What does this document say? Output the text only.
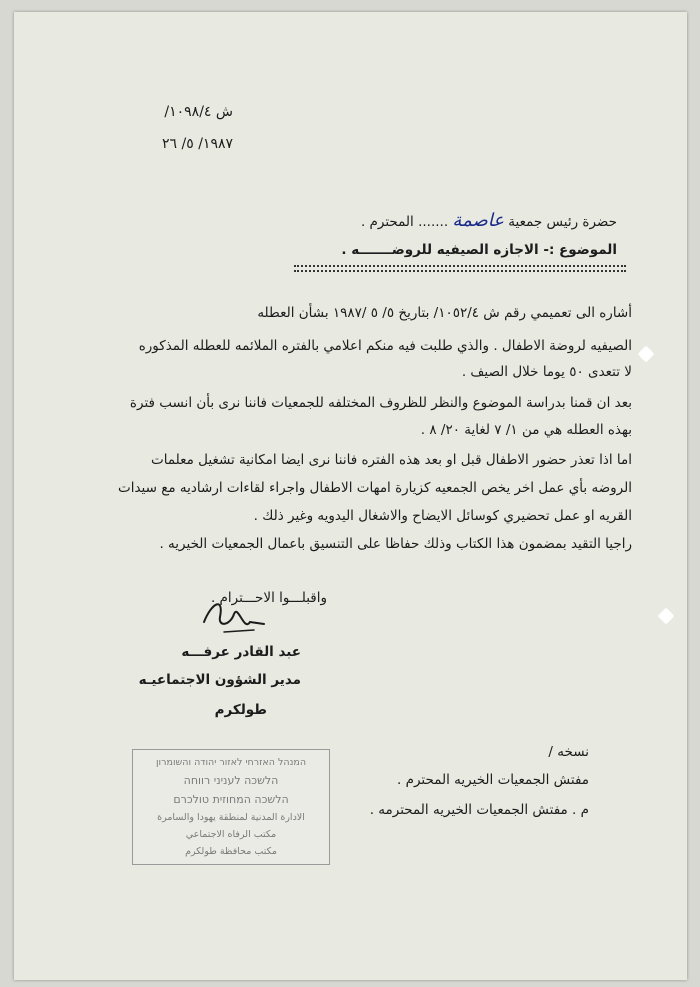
ش ١٠٩٨/٤/
١٩٨٧/ ٥/ ٢٦
حضرة رئيس جمعية عاصمة ....... المحترم .
الموضوع :- الاجازه الصيفيه للروضـــــــه .
أشاره الى تعميمي رقم ش ١٠٥٢/٤/ بتاريخ ٥/ ٥ /١٩٨٧ بشأن العطله
الصيفيه لروضة الاطفال . والذي طلبت فيه منكم اعلامي بالفتره الملائمه للعطله المذكوره
لا تتعدى ٥٠ يوما خلال الصيف .
بعد ان قمنا بدراسة الموضوع والنظر للظروف المختلفه للجمعيات فاننا نرى بأن انسب فترة
بهذه العطله هي من ١/ ٧ لغاية ٢٠/ ٨ .
اما اذا تعذر حضور الاطفال قبل او بعد هذه الفتره فاننا نرى ايضا امكانية تشغيل معلمات
الروضه بأي عمل اخر يخص الجمعيه كزيارة امهات الاطفال واجراء لقاءات ارشاديه مع سيدات
القريه او عمل تحضيري كوسائل الايضاح والاشغال اليدويه وغير ذلك .
راجيا التقيد بمضمون هذا الكتاب وذلك حفاظا على التنسيق باعمال الجمعيات الخيريه .
واقبلـــوا الاحـــترام .
عبد القادر عرفـــه
مدير الشؤون الاجتماعيـه
طولكرم
نسخه /
مفتش الجمعيات الخيريه المحترم .
م . مفتش الجمعيات الخيريه المحترمه .
המנהל האזרחי לאזור יהודה והשומרון
הלשכה לעניני רווחה
הלשכה המחוזית טולכרם
الادارة المدنية لمنطقة يهودا والسامرة
مكتب الرفاه الاجتماعي
مكتب محافظة طولكرم
